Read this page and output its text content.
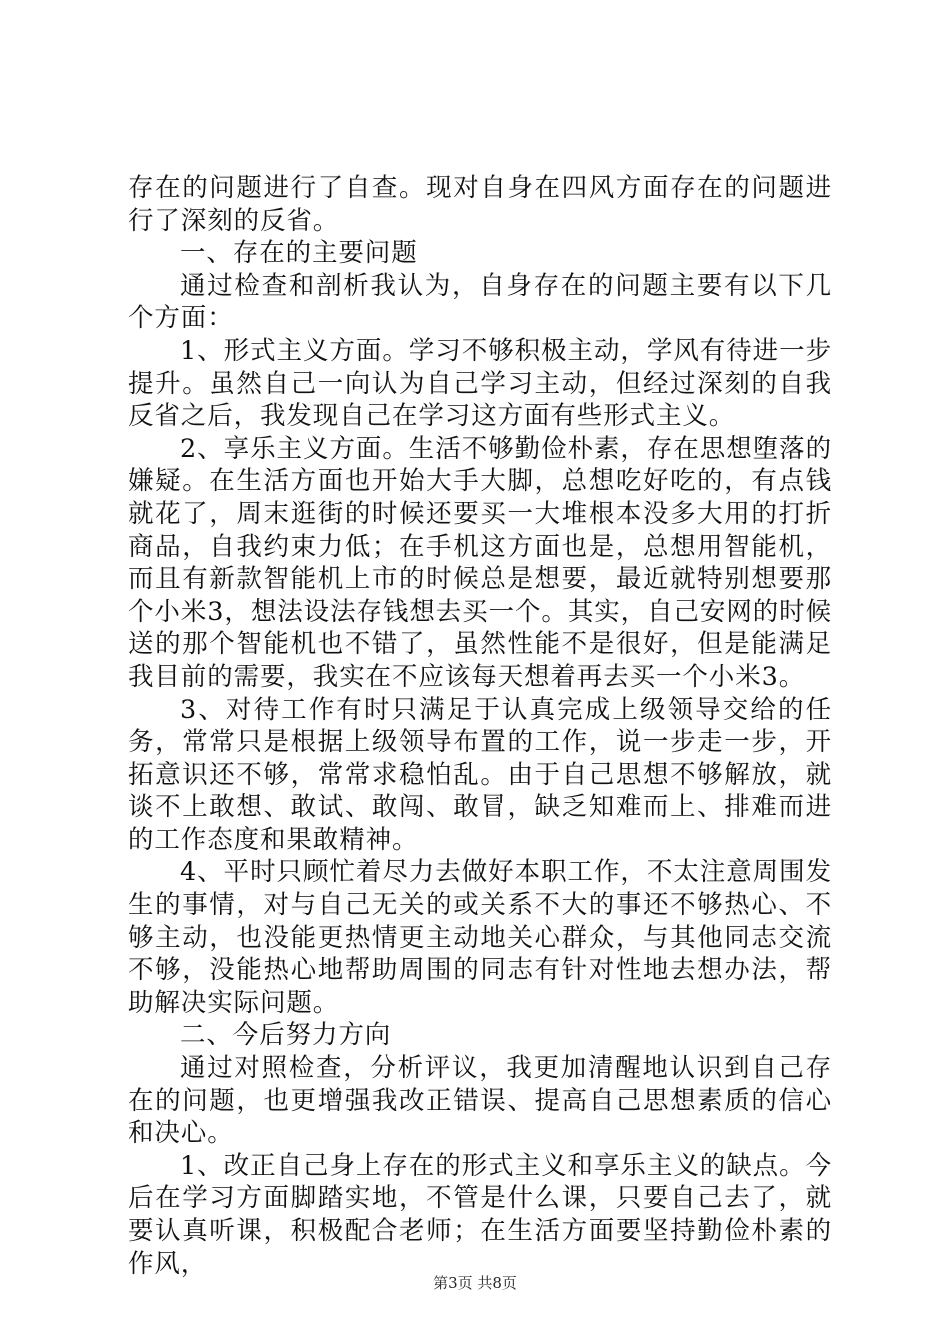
存在的问题进行了自查。现对自身在四风方面存在的问题进行了深刻的反省。

一、存在的主要问题

通过检查和剖析我认为，自身存在的问题主要有以下几个方面：

1、形式主义方面。学习不够积极主动，学风有待进一步提升。虽然自己一向认为自己学习主动，但经过深刻的自我反省之后，我发现自己在学习这方面有些形式主义。

2、享乐主义方面。生活不够勤俭朴素，存在思想堕落的嫌疑。在生活方面也开始大手大脚，总想吃好吃的，有点钱就花了，周末逛街的时候还要买一大堆根本没多大用的打折商品，自我约束力低；在手机这方面也是，总想用智能机，而且有新款智能机上市的时候总是想要，最近就特别想要那个小米3，想法设法存钱想去买一个。其实，自己安网的时候送的那个智能机也不错了，虽然性能不是很好，但是能满足我目前的需要，我实在不应该每天想着再去买一个小米3。

3、对待工作有时只满足于认真完成上级领导交给的任务，常常只是根据上级领导布置的工作，说一步走一步，开拓意识还不够，常常求稳怕乱。由于自己思想不够解放，就谈不上敢想、敢试、敢闯、敢冒，缺乏知难而上、排难而进的工作态度和果敢精神。

4、平时只顾忙着尽力去做好本职工作，不太注意周围发生的事情，对与自己无关的或关系不大的事还不够热心、不够主动，也没能更热情更主动地关心群众，与其他同志交流不够，没能热心地帮助周围的同志有针对性地去想办法，帮助解决实际问题。

二、今后努力方向

通过对照检查，分析评议，我更加清醒地认识到自己存在的问题，也更增强我改正错误、提高自己思想素质的信心和决心。

1、改正自己身上存在的形式主义和享乐主义的缺点。今后在学习方面脚踏实地，不管是什么课，只要自己去了，就要认真听课，积极配合老师；在生活方面要坚持勤俭朴素的作风，

第3页 共8页
